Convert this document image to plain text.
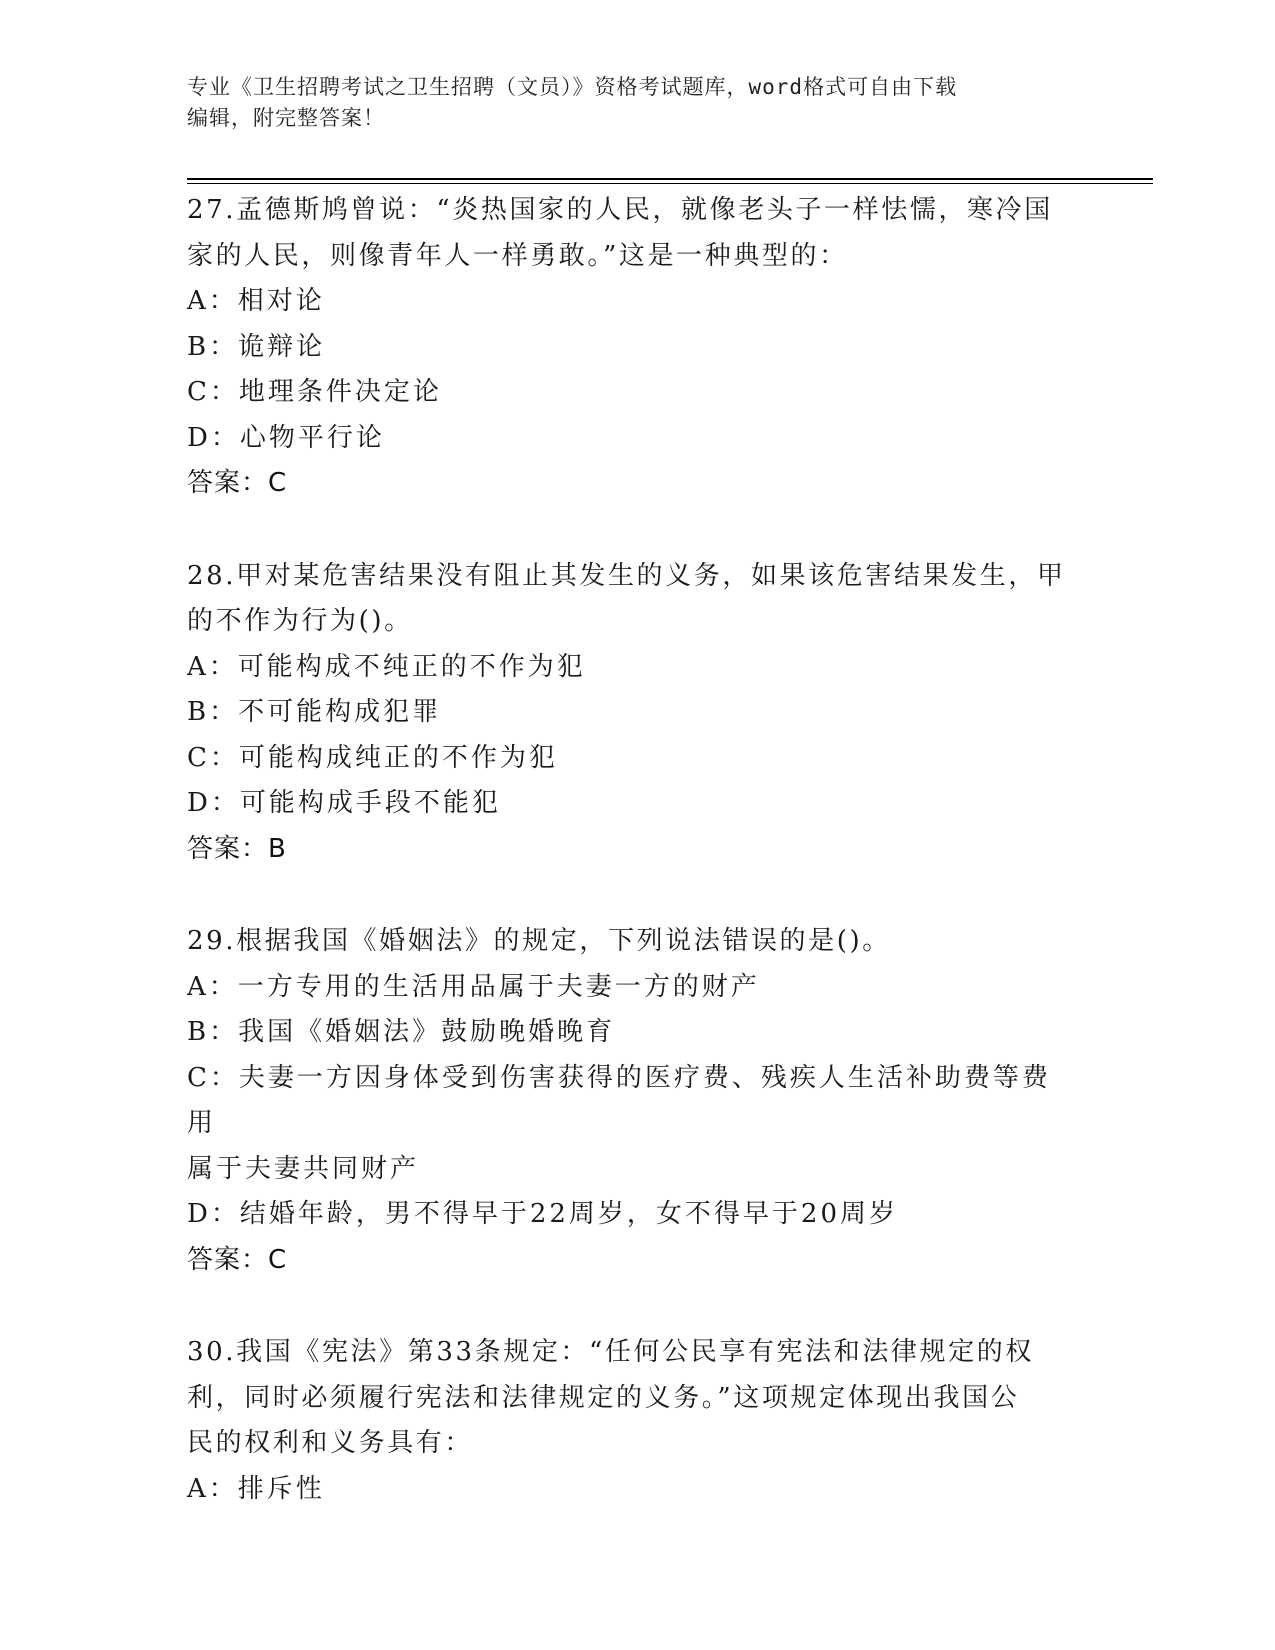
专业《卫生招聘考试之卫生招聘（文员）》资格考试题库，word格式可自由下载
编辑，附完整答案！

27.孟德斯鸠曾说：“炎热国家的人民，就像老头子一样怯懦，寒冷国

家的人民，则像青年人一样勇敢。”这是一种典型的：

A：相对论

B：诡辩论

C：地理条件决定论

D：心物平行论

答案：C

28.甲对某危害结果没有阻止其发生的义务，如果该危害结果发生，甲

的不作为行为()。

A：可能构成不纯正的不作为犯

B：不可能构成犯罪

C：可能构成纯正的不作为犯

D：可能构成手段不能犯

答案：B

29.根据我国《婚姻法》的规定，下列说法错误的是()。

A：一方专用的生活用品属于夫妻一方的财产

B：我国《婚姻法》鼓励晚婚晚育

C：夫妻一方因身体受到伤害获得的医疗费、残疾人生活补助费等费用

属于夫妻共同财产

D：结婚年龄，男不得早于22周岁，女不得早于20周岁

答案：C

30.我国《宪法》第33条规定：“任何公民享有宪法和法律规定的权

利，同时必须履行宪法和法律规定的义务。”这项规定体现出我国公

民的权利和义务具有：

A：排斥性
